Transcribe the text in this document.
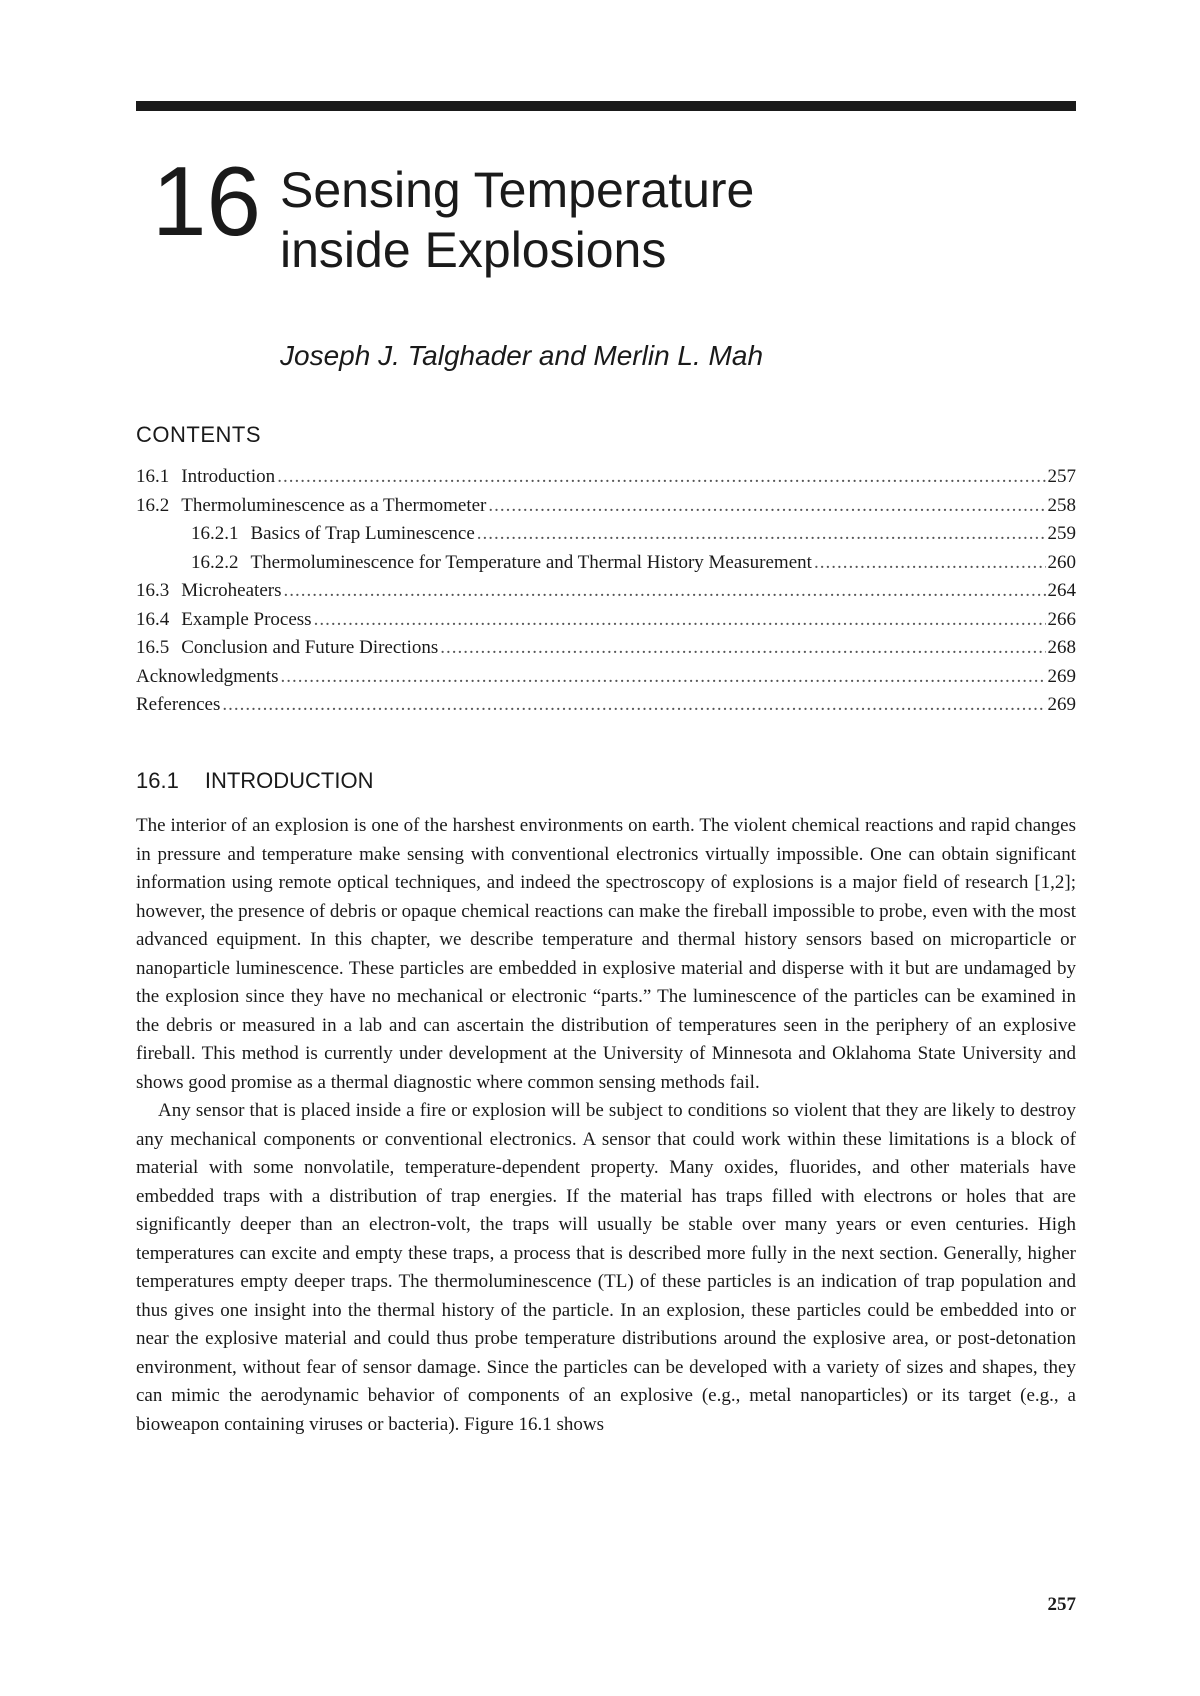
16 Sensing Temperature
inside Explosions
Joseph J. Talghader and Merlin L. Mah
CONTENTS
16.1 Introduction .....	257
16.2 Thermoluminescence as a Thermometer .....	258
16.2.1 Basics of Trap Luminescence .....	259
16.2.2 Thermoluminescence for Temperature and Thermal History Measurement .....	260
16.3 Microheaters .....	264
16.4 Example Process .....	266
16.5 Conclusion and Future Directions .....	268
Acknowledgments .....	269
References .....	269
16.1 INTRODUCTION

The interior of an explosion is one of the harshest environments on earth. The violent chemical reactions and rapid changes in pressure and temperature make sensing with conventional electronics virtually impossible. One can obtain significant information using remote optical techniques, and indeed the spectroscopy of explosions is a major field of research [1,2]; however, the presence of debris or opaque chemical reactions can make the fireball impossible to probe, even with the most advanced equipment. In this chapter, we describe temperature and thermal history sensors based on microparticle or nanoparticle luminescence. These particles are embedded in explosive material and disperse with it but are undamaged by the explosion since they have no mechanical or electronic “parts.” The luminescence of the particles can be examined in the debris or measured in a lab and can ascertain the distribution of temperatures seen in the periphery of an explosive fireball. This method is currently under development at the University of Minnesota and Oklahoma State University and shows good promise as a thermal diagnostic where common sensing methods fail.

Any sensor that is placed inside a fire or explosion will be subject to conditions so violent that they are likely to destroy any mechanical components or conventional electronics. A sensor that could work within these limitations is a block of material with some nonvolatile, temperature-dependent property. Many oxides, fluorides, and other materials have embedded traps with a distribution of trap energies. If the material has traps filled with electrons or holes that are significantly deeper than an electron-volt, the traps will usually be stable over many years or even centuries. High temperatures can excite and empty these traps, a process that is described more fully in the next section. Generally, higher temperatures empty deeper traps. The thermoluminescence (TL) of these particles is an indication of trap population and thus gives one insight into the thermal history of the particle. In an explosion, these particles could be embedded into or near the explosive material and could thus probe temperature distributions around the explosive area, or post-detonation environment, without fear of sensor damage. Since the particles can be developed with a variety of sizes and shapes, they can mimic the aerodynamic behavior of components of an explosive (e.g., metal nanoparticles) or its target (e.g., a bioweapon containing viruses or bacteria). Figure 16.1 shows

257
